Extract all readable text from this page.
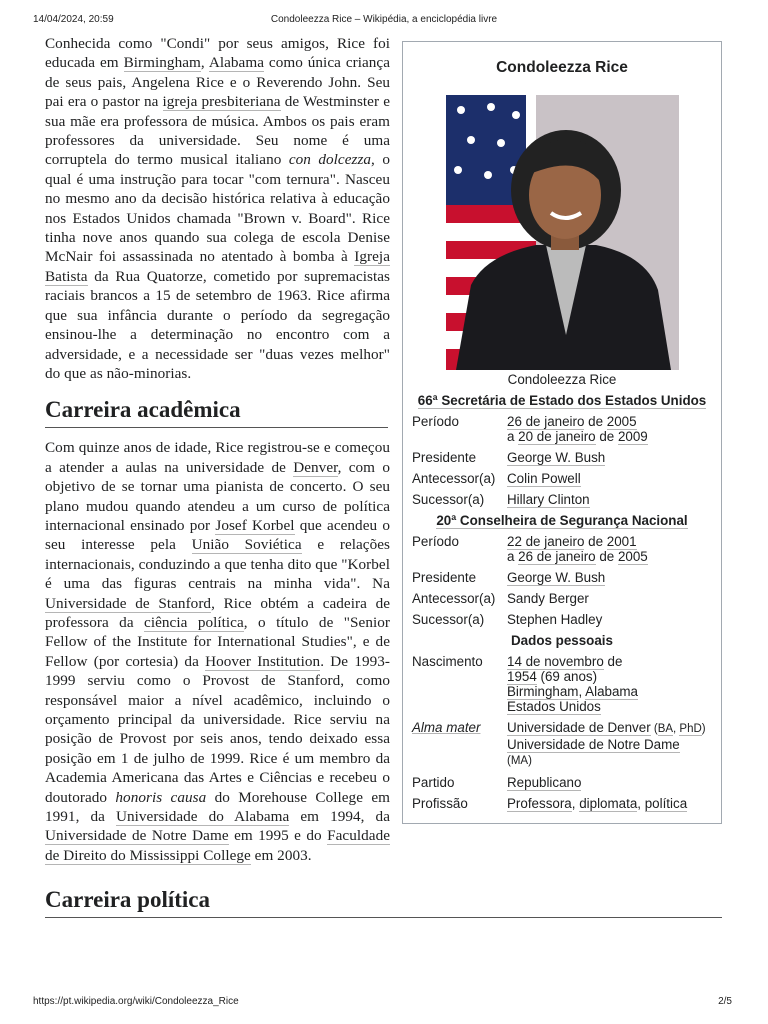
14/04/2024, 20:59	Condoleezza Rice – Wikipédia, a enciclopédia livre
Condoleezza Rice
Condoleezza Rice
66ª Secretária de Estado dos Estados Unidos
Período	26 de janeiro de 2005
a 20 de janeiro de 2009
Presidente	George W. Bush
Antecessor(a) Colin Powell
Sucessor(a)	Hillary Clinton
20ª Conselheira de Segurança Nacional
Período	22 de janeiro de 2001
a 26 de janeiro de 2005
Presidente	George W. Bush
Antecessor(a) Sandy Berger
Sucessor(a)	Stephen Hadley
Dados pessoais
Nascimento	14 de novembro de
1954 (69 anos)
Birmingham, Alabama
Estados Unidos
Alma mater	Universidade de Denver (BA, PhD)
Universidade de Notre Dame
(MA)
Partido	Republicano
Profissão	Professora, diplomata, política

Conhecida como "Condi" por seus amigos, Rice foi educada em Birmingham, Alabama como única criança de seus pais, Angelena Rice e o Reverendo John. Seu pai era o pastor na igreja presbiteriana de Westminster e sua mãe era professora de música. Ambos os pais eram professores da universidade. Seu nome é uma corruptela do termo musical italiano con dolcezza, o qual é uma instrução para tocar "com ternura". Nasceu no mesmo ano da decisão histórica relativa à educação nos Estados Unidos chamada "Brown v. Board". Rice tinha nove anos quando sua colega de escola Denise McNair foi assassinada no atentado à bomba à Igreja Batista da Rua Quatorze, cometido por supremacistas raciais brancos a 15 de setembro de 1963. Rice afirma que sua infância durante o período da segregação ensinou-lhe a determinação no encontro com a adversidade, e a necessidade ser "duas vezes melhor" do que as não-minorias.

Carreira acadêmica

Com quinze anos de idade, Rice registrou-se e começou a atender a aulas na universidade de Denver, com o objetivo de se tornar uma pianista de concerto. O seu plano mudou quando atendeu a um curso de política internacional ensinado por Josef Korbel que acendeu o seu interesse pela União Soviética e relações internacionais, conduzindo a que tenha dito que "Korbel é uma das figuras centrais na minha vida". Na Universidade de Stanford, Rice obtém a cadeira de professora da ciência política, o título de "Senior Fellow of the Institute for International Studies", e de Fellow (por cortesia) da Hoover Institution. De 1993-1999 serviu como o Provost de Stanford, como responsável maior a nível acadêmico, incluindo o orçamento principal da universidade. Rice serviu na posição de Provost por seis anos, tendo deixado essa posição em 1 de julho de 1999. Rice é um membro da Academia Americana das Artes e Ciências e recebeu o doutorado honoris causa do Morehouse College em 1991, da Universidade do Alabama em 1994, da Universidade de Notre Dame em 1995 e do Faculdade de Direito do Mississippi College em 2003.

Carreira política
https://pt.wikipedia.org/wiki/Condoleezza_Rice	2/5
